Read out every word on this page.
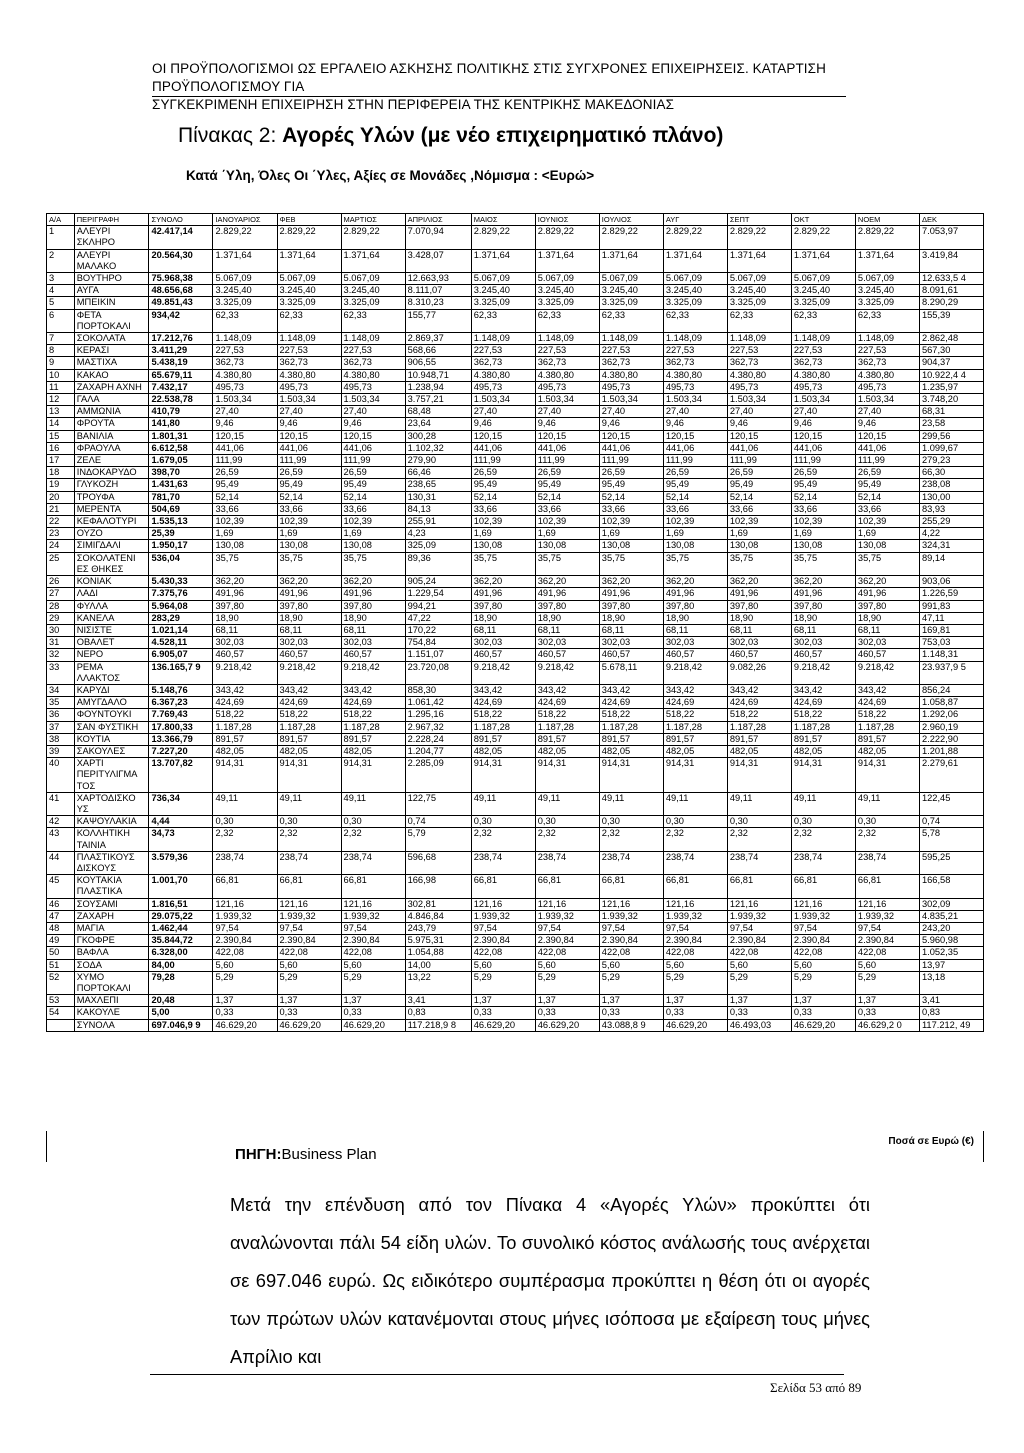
ΟΙ ΠΡΟΫΠΟΛΟΓΙΣΜΟΙ ΩΣ ΕΡΓΑΛΕΙΟ ΑΣΚΗΣΗΣ ΠΟΛΙΤΙΚΗΣ ΣΤΙΣ ΣΥΓΧΡΟΝΕΣ ΕΠΙΧΕΙΡΗΣΕΙΣ. ΚΑΤΑΡΤΙΣΗ ΠΡΟΫΠΟΛΟΓΙΣΜΟΥ ΓΙΑ
ΣΥΓΚΕΚΡΙΜΕΝΗ ΕΠΙΧΕΙΡΗΣΗ ΣΤΗΝ ΠΕΡΙΦΕΡΕΙΑ ΤΗΣ ΚΕΝΤΡΙΚΗΣ ΜΑΚΕΔΟΝΙΑΣ
Πίνακας 2: Αγορές Υλών (με νέο επιχειρηματικό πλάνο)
Κατά ΄Υλη, Όλες Οι ΄Υλες, Αξίες σε Μονάδες ,Νόμισμα : <Ευρώ>
Α/Α	ΠΕΡΙΓΡΑΦΗ	ΣΥΝΟΛΟ	ΙΑΝΟΥΑΡΙΟΣ	ΦΕΒ	ΜΑΡΤΙΟΣ	ΑΠΡΙΛΙΟΣ	ΜΑΙΟΣ	ΙΟΥΝΙΟΣ	ΙΟΥΛΙΟΣ	ΑΥΓ	ΣΕΠΤ	ΟΚΤ	ΝΟΕΜ	ΔΕΚ
1	ΑΛΕΥΡΙ ΣΚΛΗΡΟ	42.417,14	2.829,22	2.829,22	2.829,22	7.070,94	2.829,22	2.829,22	2.829,22	2.829,22	2.829,22	2.829,22	2.829,22	7.053,97
2	ΑΛΕΥΡΙ ΜΑΛΑΚΟ	20.564,30	1.371,64	1.371,64	1.371,64	3.428,07	1.371,64	1.371,64	1.371,64	1.371,64	1.371,64	1.371,64	1.371,64	3.419,84
3	ΒΟΥΤΗΡΟ	75.968,38	5.067,09	5.067,09	5.067,09	12.663,93	5.067,09	5.067,09	5.067,09	5.067,09	5.067,09	5.067,09	5.067,09	12.633,5 4
4	ΑΥΓΑ	48.656,68	3.245,40	3.245,40	3.245,40	8.111,07	3.245,40	3.245,40	3.245,40	3.245,40	3.245,40	3.245,40	3.245,40	8.091,61
5	ΜΠΕΙΚΙΝ	49.851,43	3.325,09	3.325,09	3.325,09	8.310,23	3.325,09	3.325,09	3.325,09	3.325,09	3.325,09	3.325,09	3.325,09	8.290,29
6	ΦΕΤΑ ΠΟΡΤΟΚΑΛΙ	934,42	62,33	62,33	62,33	155,77	62,33	62,33	62,33	62,33	62,33	62,33	62,33	155,39
7	ΣΟΚΟΛΑΤΑ	17.212,76	1.148,09	1.148,09	1.148,09	2.869,37	1.148,09	1.148,09	1.148,09	1.148,09	1.148,09	1.148,09	1.148,09	2.862,48
8	ΚΕΡΑΣΙ	3.411,29	227,53	227,53	227,53	568,66	227,53	227,53	227,53	227,53	227,53	227,53	227,53	567,30
9	ΜΑΣΤΙΧΑ	5.438,19	362,73	362,73	362,73	906,55	362,73	362,73	362,73	362,73	362,73	362,73	362,73	904,37
10	ΚΑΚΑΟ	65.679,11	4.380,80	4.380,80	4.380,80	10.948,71	4.380,80	4.380,80	4.380,80	4.380,80	4.380,80	4.380,80	4.380,80	10.922,4 4
11	ΖΑΧΑΡΗ ΑΧΝΗ	7.432,17	495,73	495,73	495,73	1.238,94	495,73	495,73	495,73	495,73	495,73	495,73	495,73	1.235,97
12	ΓΑΛΑ	22.538,78	1.503,34	1.503,34	1.503,34	3.757,21	1.503,34	1.503,34	1.503,34	1.503,34	1.503,34	1.503,34	1.503,34	3.748,20
13	ΑΜΜΩΝΙΑ	410,79	27,40	27,40	27,40	68,48	27,40	27,40	27,40	27,40	27,40	27,40	27,40	68,31
14	ΦΡΟΥΤΑ	141,80	9,46	9,46	9,46	23,64	9,46	9,46	9,46	9,46	9,46	9,46	9,46	23,58
15	ΒΑΝΙΛΙΑ	1.801,31	120,15	120,15	120,15	300,28	120,15	120,15	120,15	120,15	120,15	120,15	120,15	299,56
16	ΦΡΑΟΥΛΑ	6.612,58	441,06	441,06	441,06	1.102,32	441,06	441,06	441,06	441,06	441,06	441,06	441,06	1.099,67
17	ΖΕΛΕ	1.679,05	111,99	111,99	111,99	279,90	111,99	111,99	111,99	111,99	111,99	111,99	111,99	279,23
18	ΙΝΔΟΚΑΡΥΔΟ	398,70	26,59	26,59	26,59	66,46	26,59	26,59	26,59	26,59	26,59	26,59	26,59	66,30
19	ΓΛΥΚΟΖΗ	1.431,63	95,49	95,49	95,49	238,65	95,49	95,49	95,49	95,49	95,49	95,49	95,49	238,08
20	ΤΡΟΥΦΑ	781,70	52,14	52,14	52,14	130,31	52,14	52,14	52,14	52,14	52,14	52,14	52,14	130,00
21	ΜΕΡΕΝΤΑ	504,69	33,66	33,66	33,66	84,13	33,66	33,66	33,66	33,66	33,66	33,66	33,66	83,93
22	ΚΕΦΑΛΟΤΥΡΙ	1.535,13	102,39	102,39	102,39	255,91	102,39	102,39	102,39	102,39	102,39	102,39	102,39	255,29
23	ΟΥΖΟ	25,39	1,69	1,69	1,69	4,23	1,69	1,69	1,69	1,69	1,69	1,69	1,69	4,22
24	ΣΙΜΙΓΔΑΛΙ	1.950,17	130,08	130,08	130,08	325,09	130,08	130,08	130,08	130,08	130,08	130,08	130,08	324,31
25	ΣΟΚΟΛΑΤΕΝΙ ΕΣ ΘΗΚΕΣ	536,04	35,75	35,75	35,75	89,36	35,75	35,75	35,75	35,75	35,75	35,75	35,75	89,14
26	ΚΟΝΙΑΚ	5.430,33	362,20	362,20	362,20	905,24	362,20	362,20	362,20	362,20	362,20	362,20	362,20	903,06
27	ΛΑΔΙ	7.375,76	491,96	491,96	491,96	1.229,54	491,96	491,96	491,96	491,96	491,96	491,96	491,96	1.226,59
28	ΦΥΛΛΑ	5.964,08	397,80	397,80	397,80	994,21	397,80	397,80	397,80	397,80	397,80	397,80	397,80	991,83
29	ΚΑΝΕΛΑ	283,29	18,90	18,90	18,90	47,22	18,90	18,90	18,90	18,90	18,90	18,90	18,90	47,11
30	ΝΙΣΙΣΤΕ	1.021,14	68,11	68,11	68,11	170,22	68,11	68,11	68,11	68,11	68,11	68,11	68,11	169,81
31	ΟΒΑΛΕΤ	4.528,11	302,03	302,03	302,03	754,84	302,03	302,03	302,03	302,03	302,03	302,03	302,03	753,03
32	ΝΕΡΟ	6.905,07	460,57	460,57	460,57	1.151,07	460,57	460,57	460,57	460,57	460,57	460,57	460,57	1.148,31
33	ΡΕΜΑ ΛΛΑΚΤΟΣ	136.165,7 9	9.218,42	9.218,42	9.218,42	23.720,08	9.218,42	9.218,42	5.678,11	9.218,42	9.082,26	9.218,42	9.218,42	23.937,9 5
34	ΚΑΡΥΔΙ	5.148,76	343,42	343,42	343,42	858,30	343,42	343,42	343,42	343,42	343,42	343,42	343,42	856,24
35	ΑΜΥΓΔΑΛΟ	6.367,23	424,69	424,69	424,69	1.061,42	424,69	424,69	424,69	424,69	424,69	424,69	424,69	1.058,87
36	ΦΟΥΝΤΟΥΚΙ	7.769,43	518,22	518,22	518,22	1.295,16	518,22	518,22	518,22	518,22	518,22	518,22	518,22	1.292,06
37	ΣΑΝ ΦΥΣΤΙΚΗ	17.800,33	1.187,28	1.187,28	1.187,28	2.967,32	1.187,28	1.187,28	1.187,28	1.187,28	1.187,28	1.187,28	1.187,28	2.960,19
38	ΚΟΥΤΙΑ	13.366,79	891,57	891,57	891,57	2.228,24	891,57	891,57	891,57	891,57	891,57	891,57	891,57	2.222,90
39	ΣΑΚΟΥΛΕΣ	7.227,20	482,05	482,05	482,05	1.204,77	482,05	482,05	482,05	482,05	482,05	482,05	482,05	1.201,88
40	ΧΑΡΤΙ ΠΕΡΙΤΥΛΙΓΜΑ ΤΟΣ	13.707,82	914,31	914,31	914,31	2.285,09	914,31	914,31	914,31	914,31	914,31	914,31	914,31	2.279,61
41	ΧΑΡΤΟΔΙΣΚΟ ΥΣ	736,34	49,11	49,11	49,11	122,75	49,11	49,11	49,11	49,11	49,11	49,11	49,11	122,45
42	ΚΑΨΟΥΛΑΚΙΑ	4,44	0,30	0,30	0,30	0,74	0,30	0,30	0,30	0,30	0,30	0,30	0,30	0,74
43	ΚΟΛΛΗΤΙΚΗ ΤΑΙΝΙΑ	34,73	2,32	2,32	2,32	5,79	2,32	2,32	2,32	2,32	2,32	2,32	2,32	5,78
44	ΠΛΑΣΤΙΚΟΥΣ ΔΙΣΚΟΥΣ	3.579,36	238,74	238,74	238,74	596,68	238,74	238,74	238,74	238,74	238,74	238,74	238,74	595,25
45	ΚΟΥΤΑΚΙΑ ΠΛΑΣΤΙΚΑ	1.001,70	66,81	66,81	66,81	166,98	66,81	66,81	66,81	66,81	66,81	66,81	66,81	166,58
46	ΣΟΥΣΑΜΙ	1.816,51	121,16	121,16	121,16	302,81	121,16	121,16	121,16	121,16	121,16	121,16	121,16	302,09
47	ΖΑΧΑΡΗ	29.075,22	1.939,32	1.939,32	1.939,32	4.846,84	1.939,32	1.939,32	1.939,32	1.939,32	1.939,32	1.939,32	1.939,32	4.835,21
48	ΜΑΓΙΑ	1.462,44	97,54	97,54	97,54	243,79	97,54	97,54	97,54	97,54	97,54	97,54	97,54	243,20
49	ΓΚΟΦΡΕ	35.844,72	2.390,84	2.390,84	2.390,84	5.975,31	2.390,84	2.390,84	2.390,84	2.390,84	2.390,84	2.390,84	2.390,84	5.960,98
50	ΒΑΦΛΑ	6.328,00	422,08	422,08	422,08	1.054,88	422,08	422,08	422,08	422,08	422,08	422,08	422,08	1.052,35
51	ΣΟΔΑ	84,00	5,60	5,60	5,60	14,00	5,60	5,60	5,60	5,60	5,60	5,60	5,60	13,97
52	ΧΥΜΟ ΠΟΡΤΟΚΑΛΙ	79,28	5,29	5,29	5,29	13,22	5,29	5,29	5,29	5,29	5,29	5,29	5,29	13,18
53	ΜΑΧΛΕΠΙ	20,48	1,37	1,37	1,37	3,41	1,37	1,37	1,37	1,37	1,37	1,37	1,37	3,41
54	ΚΑΚΟΥΛΕ	5,00	0,33	0,33	0,33	0,83	0,33	0,33	0,33	0,33	0,33	0,33	0,33	0,83
	ΣΥΝΟΛΑ	697.046,9 9	46.629,20	46.629,20	46.629,20	117.218,9 8	46.629,20	46.629,20	43.088,8 9	46.629,20	46.493,03	46.629,20	46.629,2 0	117.212, 49
ΠΗΓΗ:Business Plan
Ποσά σε Ευρώ (€)
Μετά την επένδυση από τον Πίνακα 4 «Αγορές Υλών» προκύπτει ότι αναλώνονται πάλι 54 είδη υλών. Το συνολικό κόστος ανάλωσής τους ανέρχεται σε 697.046 ευρώ. Ως ειδικότερο συμπέρασμα προκύπτει η θέση ότι οι αγορές των πρώτων υλών κατανέμονται στους μήνες ισόποσα με εξαίρεση τους μήνες Απρίλιο και
Σελίδα 53 από 89
